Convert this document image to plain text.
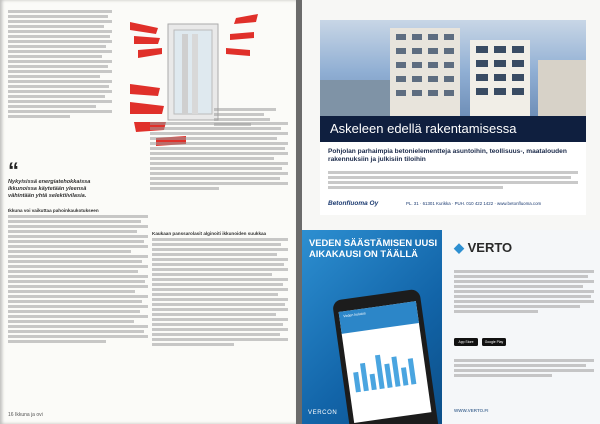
“
Nykyisissä energiatehokkaissa ikkunoissa käytetään yleensä vähintään yhtä selektiivilasia.
Ikkuna voi vaikuttaa pahoinkaukotukseen
Kaukaan panssarolasit alginoiti ikkunoiden suukkaa
16 Ikkuna ja ovi
Askeleen edellä rakentamisessa
Pohjolan parhaimpia betonielementteja asuntoihin, teollisuus-, maatalouden rakennuksiin ja julkisiin tiloihin
Betonfluoma Oy	PL. 31 · 61301 Kurikka · PUH. 010 422 1422 · www.betonfluoma.com
VEDEN SÄÄSTÄMISEN UUSI AIKAKAUSI ON TÄÄLLÄ
Veden kulutus
VERCON
◆ VERTO
App Store	Google Play
WWW.VERTO.FI
